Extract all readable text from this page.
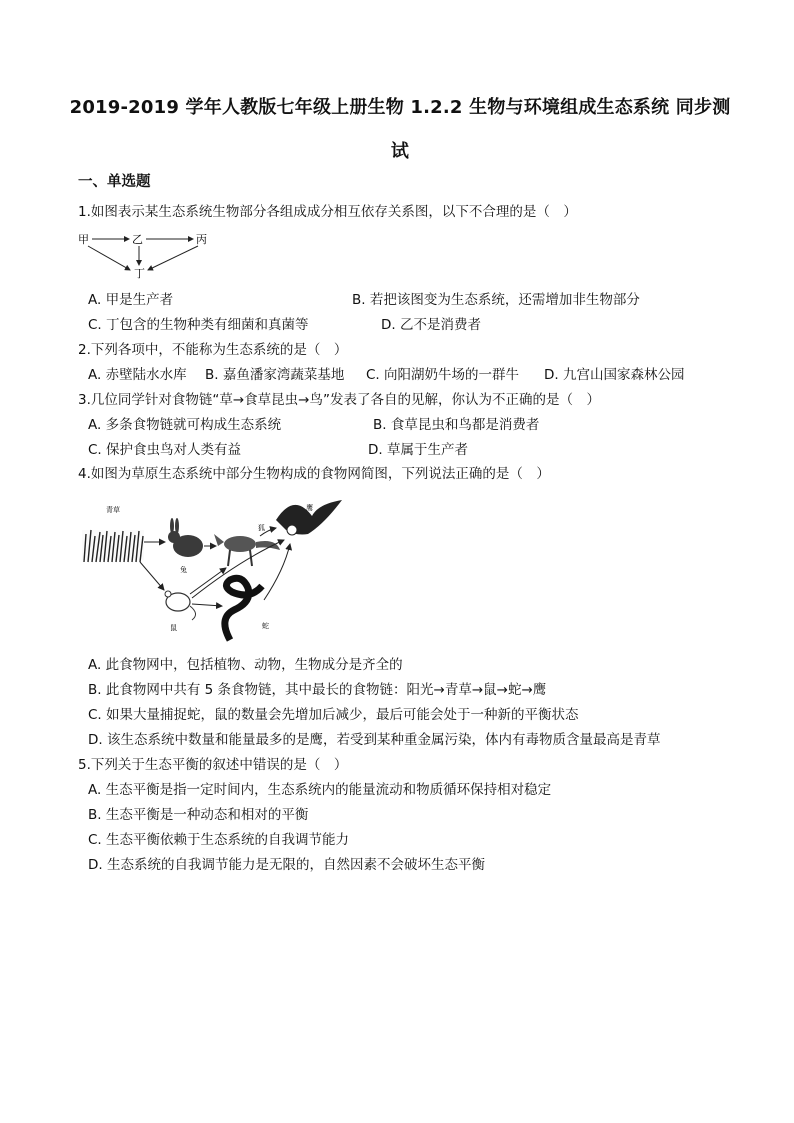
2019-2019 学年人教版七年级上册生物 1.2.2 生物与环境组成生态系统 同步测
试
一、单选题
1.如图表示某生态系统生物部分各组成成分相互依存关系图，以下不合理的是（　）
甲	乙	丙
丁
A. 甲是生产者	B. 若把该图变为生态系统，还需增加非生物部分
C. 丁包含的生物种类有细菌和真菌等	D. 乙不是消费者
2.下列各项中，不能称为生态系统的是（　）
A. 赤壁陆水水库 B. 嘉鱼潘家湾蔬菜基地 C. 向阳湖奶牛场的一群牛 D. 九宫山国家森林公园
3.几位同学针对食物链“草→食草昆虫→鸟”发表了各自的见解，你认为不正确的是（　）
A. 多条食物链就可构成生态系统	B. 食草昆虫和鸟都是消费者
C. 保护食虫鸟对人类有益	D. 草属于生产者
4.如图为草原生态系统中部分生物构成的食物网简图，下列说法正确的是（　）
青草
兔
狐
鹰
鼠	蛇
A. 此食物网中，包括植物、动物，生物成分是齐全的
B. 此食物网中共有 5 条食物链，其中最长的食物链：阳光→青草→鼠→蛇→鹰
C. 如果大量捕捉蛇，鼠的数量会先增加后减少，最后可能会处于一种新的平衡状态
D. 该生态系统中数量和能量最多的是鹰，若受到某种重金属污染，体内有毒物质含量最高是青草
5.下列关于生态平衡的叙述中错误的是（　）
A. 生态平衡是指一定时间内，生态系统内的能量流动和物质循环保持相对稳定
B. 生态平衡是一种动态和相对的平衡
C. 生态平衡依赖于生态系统的自我调节能力
D. 生态系统的自我调节能力是无限的，自然因素不会破坏生态平衡
